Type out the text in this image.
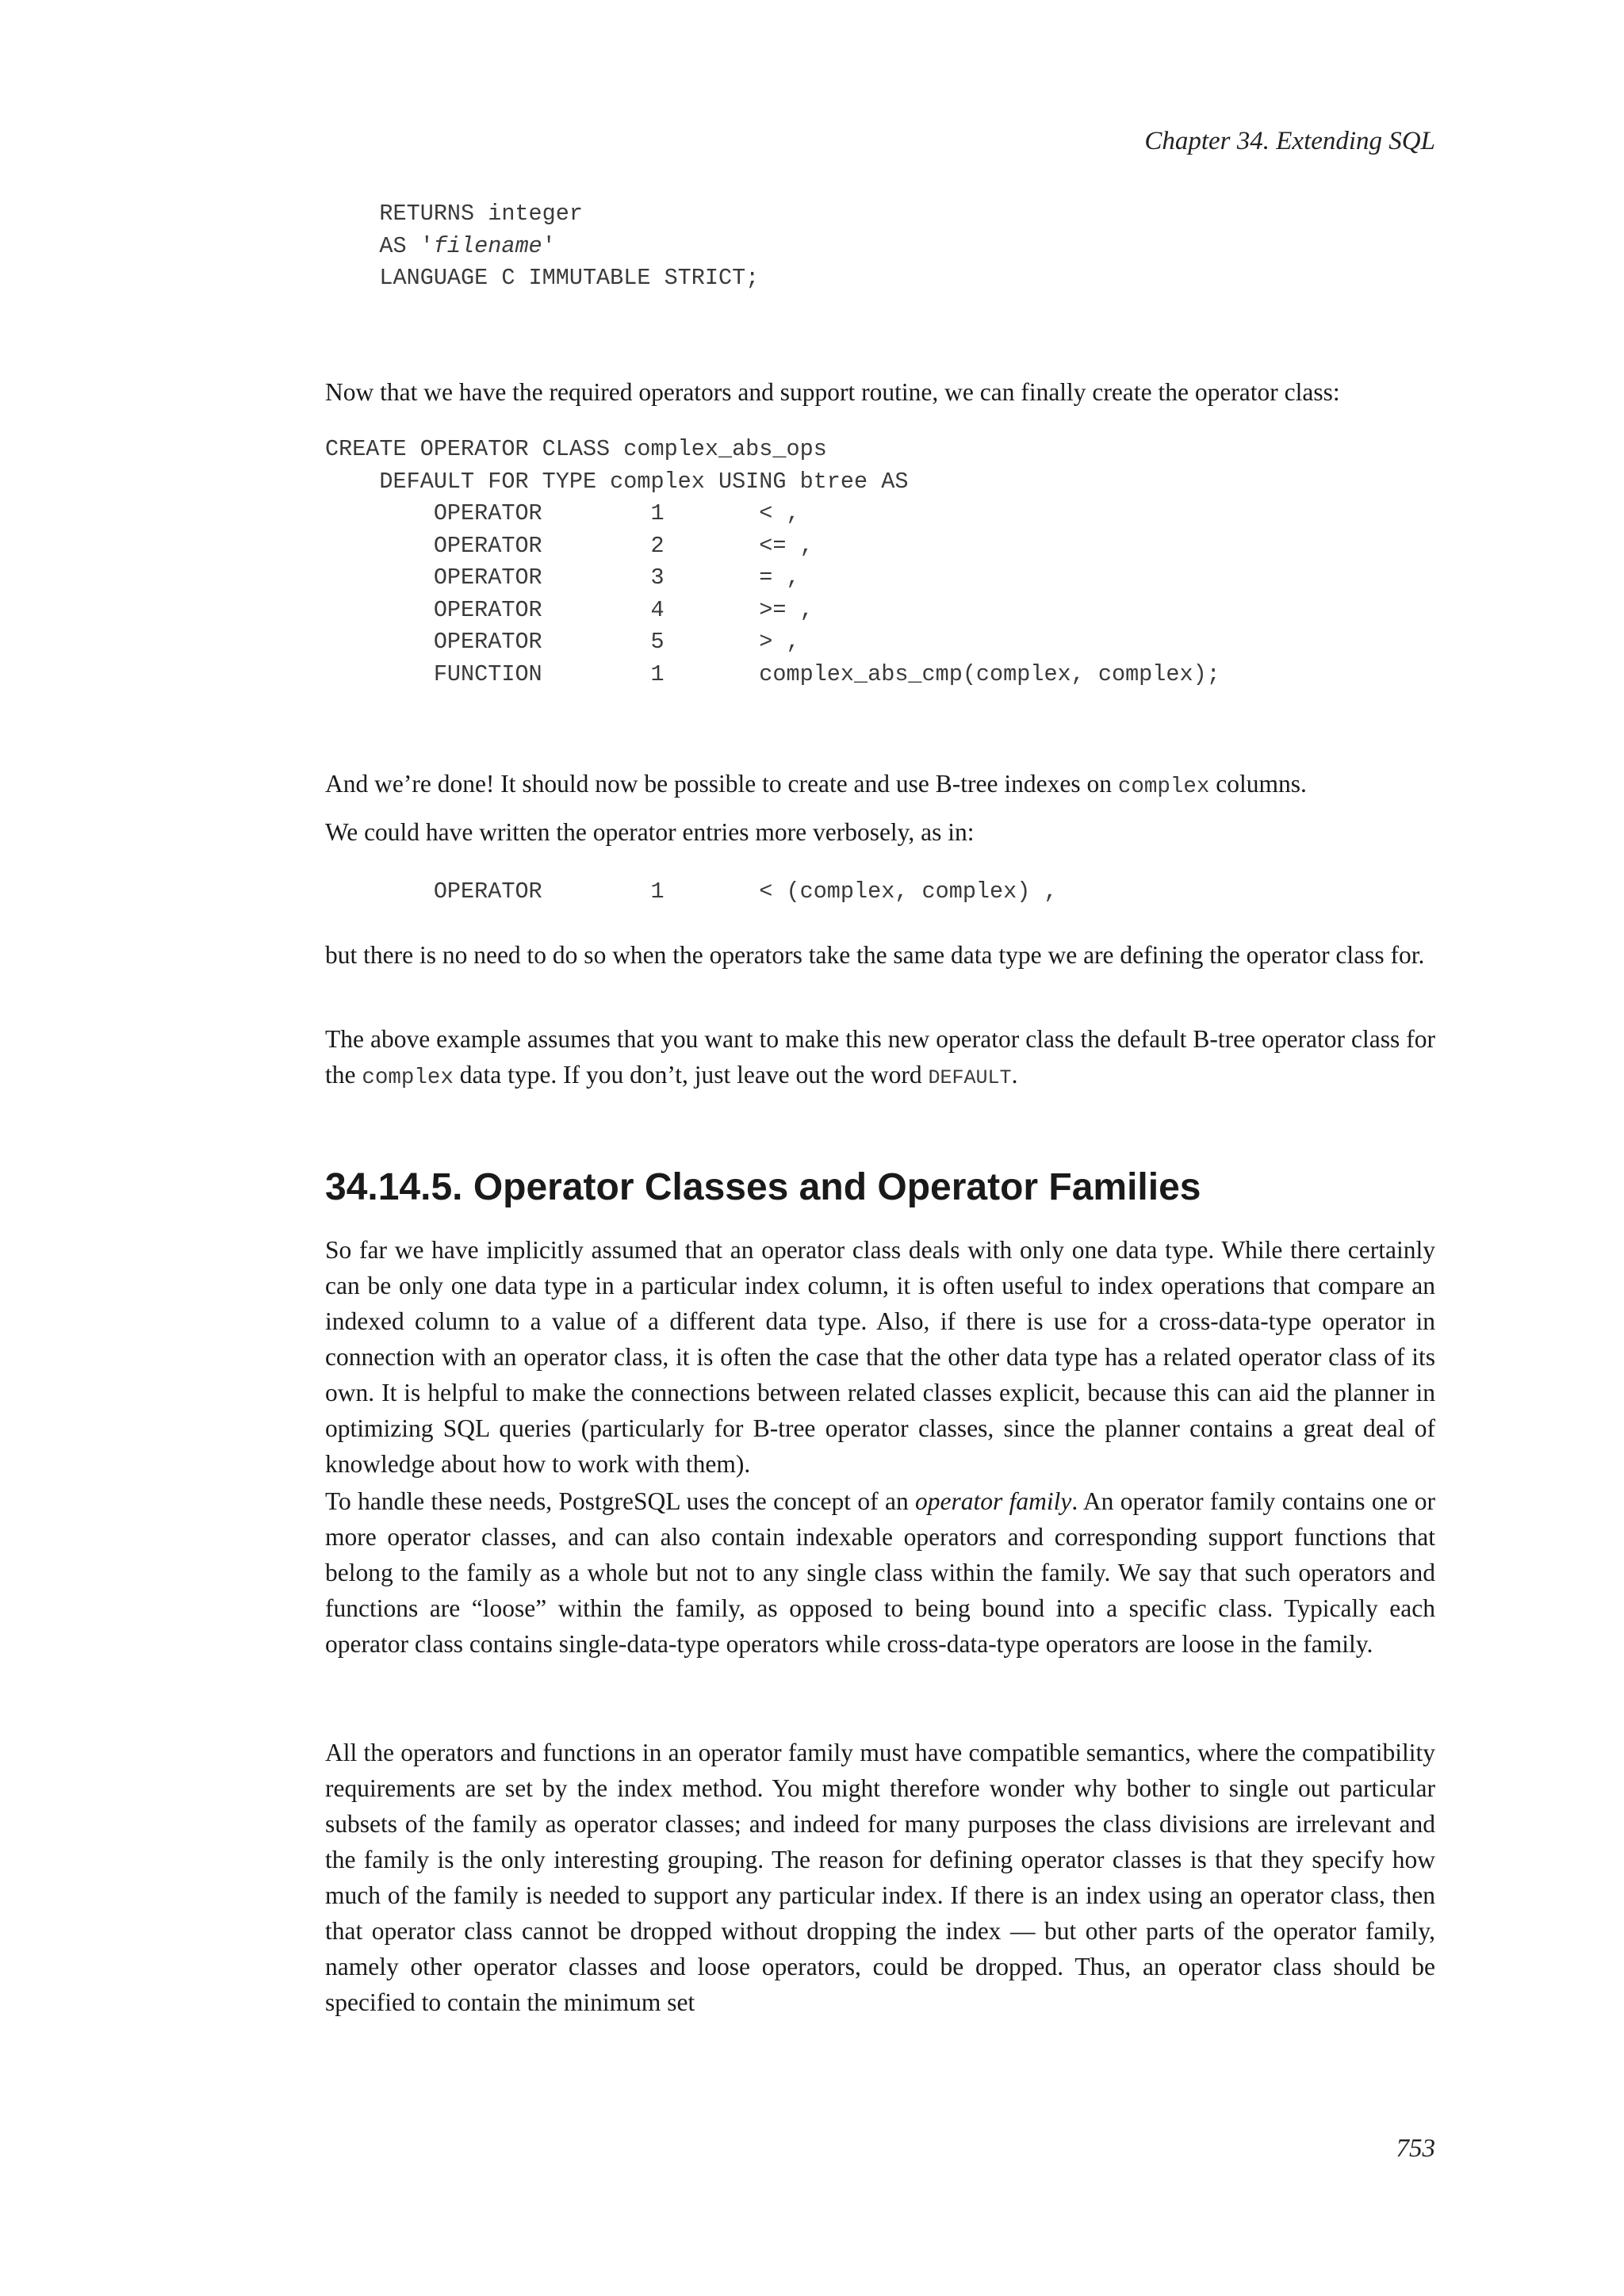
Chapter 34. Extending SQL
RETURNS integer
AS 'filename'
LANGUAGE C IMMUTABLE STRICT;

Now that we have the required operators and support routine, we can finally create the operator class:

CREATE OPERATOR CLASS complex_abs_ops
DEFAULT FOR TYPE complex USING btree AS
OPERATOR        1       < ,
OPERATOR        2       <= ,
OPERATOR        3       = ,
OPERATOR        4       >= ,
OPERATOR        5       > ,
FUNCTION        1       complex_abs_cmp(complex, complex);

And we’re done! It should now be possible to create and use B-tree indexes on complex columns.

We could have written the operator entries more verbosely, as in:

OPERATOR        1       < (complex, complex) ,

but there is no need to do so when the operators take the same data type we are defining the operator class for.

The above example assumes that you want to make this new operator class the default B-tree operator class for the complex data type. If you don’t, just leave out the word DEFAULT.

34.14.5. Operator Classes and Operator Families

So far we have implicitly assumed that an operator class deals with only one data type. While there certainly can be only one data type in a particular index column, it is often useful to index operations that compare an indexed column to a value of a different data type. Also, if there is use for a cross-data-type operator in connection with an operator class, it is often the case that the other data type has a related operator class of its own. It is helpful to make the connections between related classes explicit, because this can aid the planner in optimizing SQL queries (particularly for B-tree operator classes, since the planner contains a great deal of knowledge about how to work with them).

To handle these needs, PostgreSQL uses the concept of an operator family. An operator family contains one or more operator classes, and can also contain indexable operators and corresponding support functions that belong to the family as a whole but not to any single class within the family. We say that such operators and functions are “loose” within the family, as opposed to being bound into a specific class. Typically each operator class contains single-data-type operators while cross-data-type operators are loose in the family.

All the operators and functions in an operator family must have compatible semantics, where the compatibility requirements are set by the index method. You might therefore wonder why bother to single out particular subsets of the family as operator classes; and indeed for many purposes the class divisions are irrelevant and the family is the only interesting grouping. The reason for defining operator classes is that they specify how much of the family is needed to support any particular index. If there is an index using an operator class, then that operator class cannot be dropped without dropping the index — but other parts of the operator family, namely other operator classes and loose operators, could be dropped. Thus, an operator class should be specified to contain the minimum set

753
